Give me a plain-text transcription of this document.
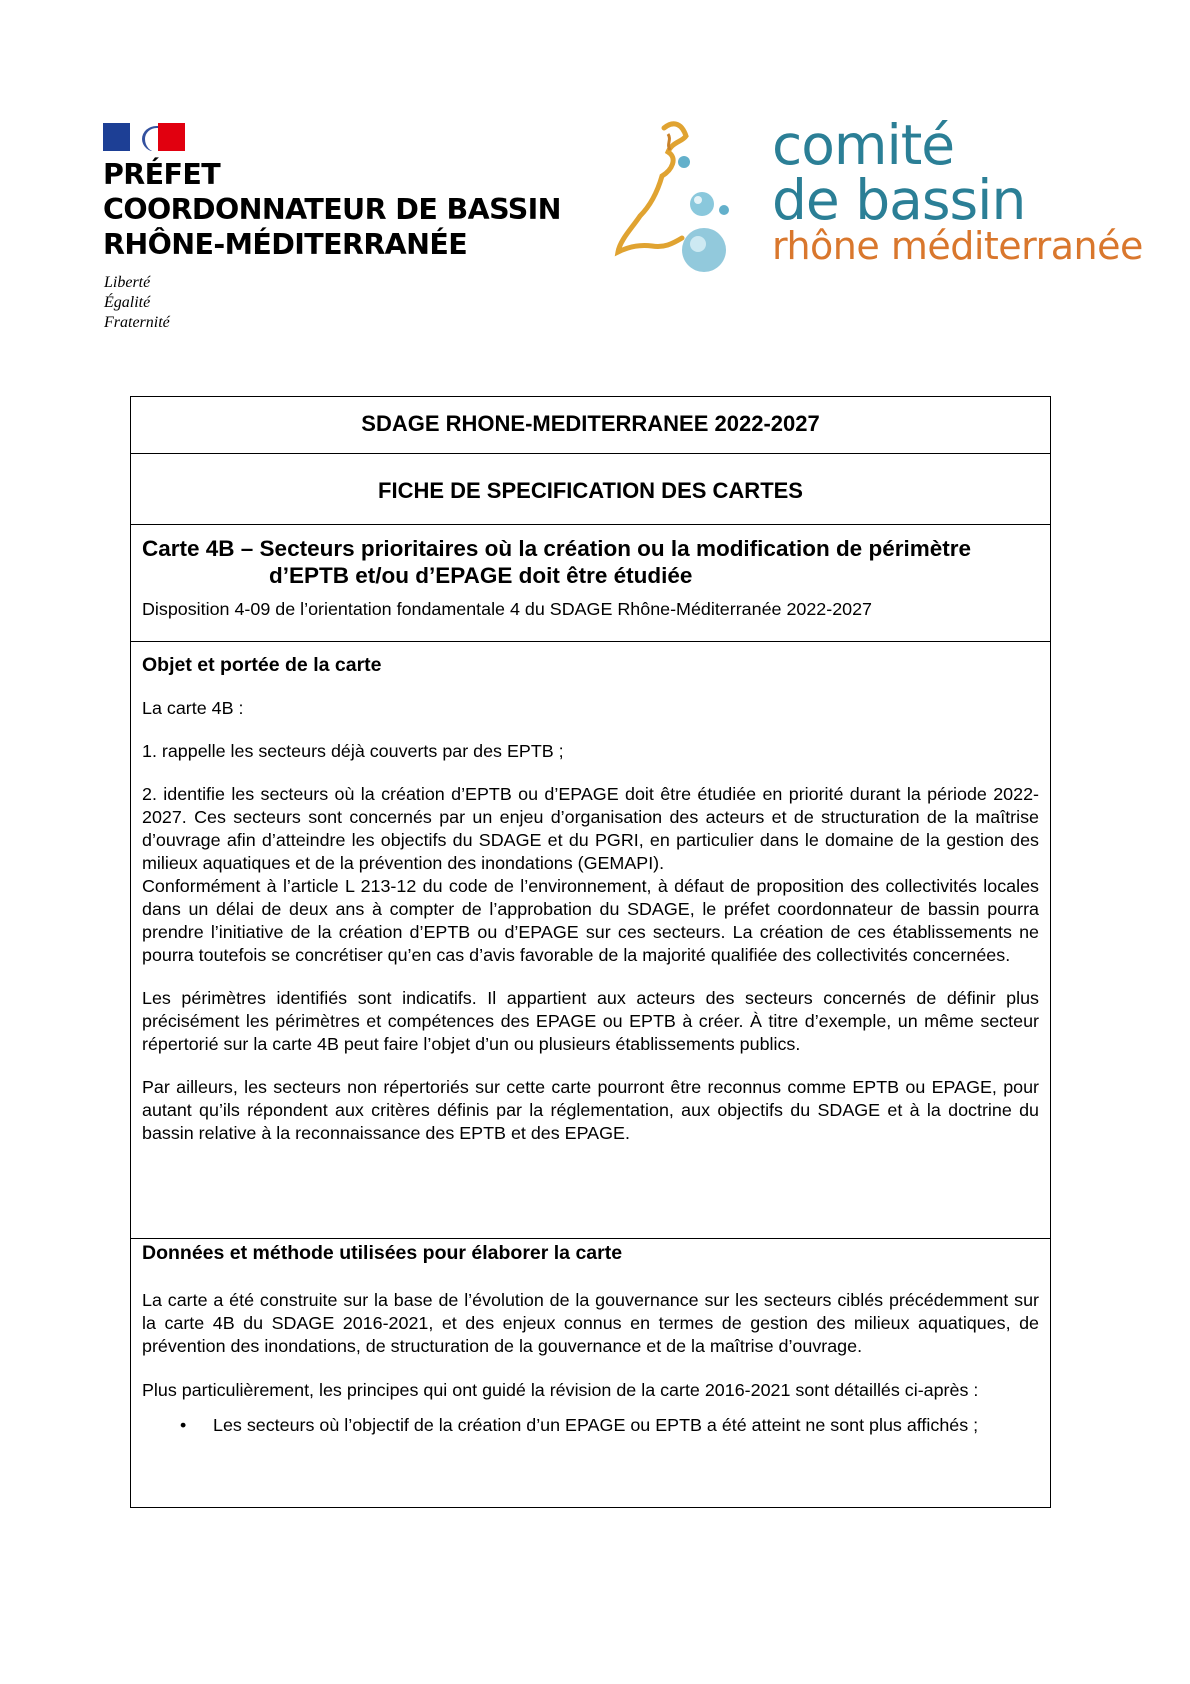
PRÉFET
COORDONNATEUR DE BASSIN
RHÔNE-MÉDITERRANÉE
Liberté
Égalité
Fraternité
comité
de bassin
rhône méditerranée
SDAGE RHONE-MEDITERRANEE 2022-2027
FICHE DE SPECIFICATION DES CARTES
Carte 4B – Secteurs prioritaires où la création ou la modification de périmètre
d’EPTB et/ou d’EPAGE doit être étudiée
Disposition 4-09 de l’orientation fondamentale 4 du SDAGE Rhône-Méditerranée 2022-2027
Objet et portée de la carte

La carte 4B :

1. rappelle les secteurs déjà couverts par des EPTB ;

2. identifie les secteurs où la création d’EPTB ou d’EPAGE doit être étudiée en priorité durant la période 2022-2027. Ces secteurs sont concernés par un enjeu d’organisation des acteurs et de structuration de la maîtrise d’ouvrage afin d’atteindre les objectifs du SDAGE et du PGRI, en particulier dans le domaine de la gestion des milieux aquatiques et de la prévention des inondations (GEMAPI).

Conformément à l’article L 213-12 du code de l’environnement, à défaut de proposition des collectivités locales dans un délai de deux ans à compter de l’approbation du SDAGE, le préfet coordonnateur de bassin pourra prendre l’initiative de la création d’EPTB ou d’EPAGE sur ces secteurs. La création de ces établissements ne pourra toutefois se concrétiser qu’en cas d’avis favorable de la majorité qualifiée des collectivités concernées.

Les périmètres identifiés sont indicatifs. Il appartient aux acteurs des secteurs concernés de définir plus précisément les périmètres et compétences des EPAGE ou EPTB à créer. À titre d’exemple, un même secteur répertorié sur la carte 4B peut faire l’objet d’un ou plusieurs établissements publics.

Par ailleurs, les secteurs non répertoriés sur cette carte pourront être reconnus comme EPTB ou EPAGE, pour autant qu’ils répondent aux critères définis par la réglementation, aux objectifs du SDAGE et à la doctrine du bassin relative à la reconnaissance des EPTB et des EPAGE.

Données et méthode utilisées pour élaborer la carte

La carte a été construite sur la base de l’évolution de la gouvernance sur les secteurs ciblés précédemment sur la carte 4B du SDAGE 2016-2021, et des enjeux connus en termes de gestion des milieux aquatiques, de prévention des inondations, de structuration de la gouvernance et de la maîtrise d’ouvrage.

Plus particulièrement, les principes qui ont guidé la révision de la carte 2016-2021 sont détaillés ci-après :

• Les secteurs où l’objectif de la création d’un EPAGE ou EPTB a été atteint ne sont plus affichés ;
